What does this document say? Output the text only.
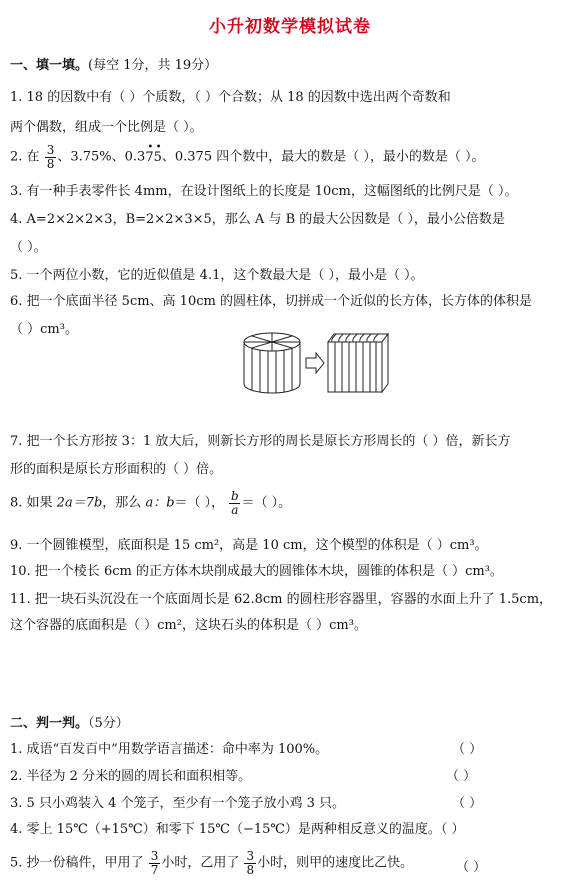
小升初数学模拟试卷
一、填一填。(每空 1分，共 19分）
1. 18 的因数中有（ ）个质数，（ ）个合数；从 18 的因数中选出两个奇数和
两个偶数，组成一个比例是（ ）。
2. 在 $\frac{3}{8}$ 、3.75%、0.37
•
5
•
、0.375 四个数中，最大的数是（ ），最小的数是（ ）。
3. 有一种手表零件长 4mm，在设计图纸上的长度是 10cm，这幅图纸的比例尺是（ ）。
4. A=2×2×2×3，B=2×2×3×5，那么 A 与 B 的最大公因数是（ ），最小公倍数是
（ ）。
5. 一个两位小数，它的近似值是 4.1，这个数最大是（ ），最小是（ ）。
6. 把一个底面半径 5cm、高 10cm 的圆柱体，切拼成一个近似的长方体，长方体的体积是
（ ）cm³。
7. 把一个长方形按 3：1 放大后，则新长方形的周长是原长方形周长的（ ）倍，新长方
形的面积是原长方形面积的（ ）倍。
8. 如果 2a＝7b，那么 a：b＝（ ）， $\frac{b}{a}$ ＝（ ）。
9. 一个圆锥模型，底面积是 15 cm²，高是 10 cm，这个模型的体积是（ ）cm³。
10. 把一个棱长 6cm 的正方体木块削成最大的圆锥体木块，圆锥的体积是（ ）cm³。
11. 把一块石头沉没在一个底面周长是 62.8cm 的圆柱形容器里，容器的水面上升了 1.5cm，
这个容器的底面积是（ ）cm²，这块石头的体积是（ ）cm³。
二、判一判。（5分）
1. 成语“百发百中”用数学语言描述：命中率为 100%。	（ ）
2. 半径为 2 分米的圆的周长和面积相等。	（ ）
3. 5 只小鸡装入 4 个笼子，至少有一个笼子放小鸡 3 只。	（ ）
4. 零上 15℃（+15℃）和零下 15℃（−15℃）是两种相反意义的温度。（ ）
5. 抄一份稿件，甲用了 $\frac{3}{7}$ 小时，乙用了 $\frac{3}{8}$ 小时，则甲的速度比乙快。	（ ）
